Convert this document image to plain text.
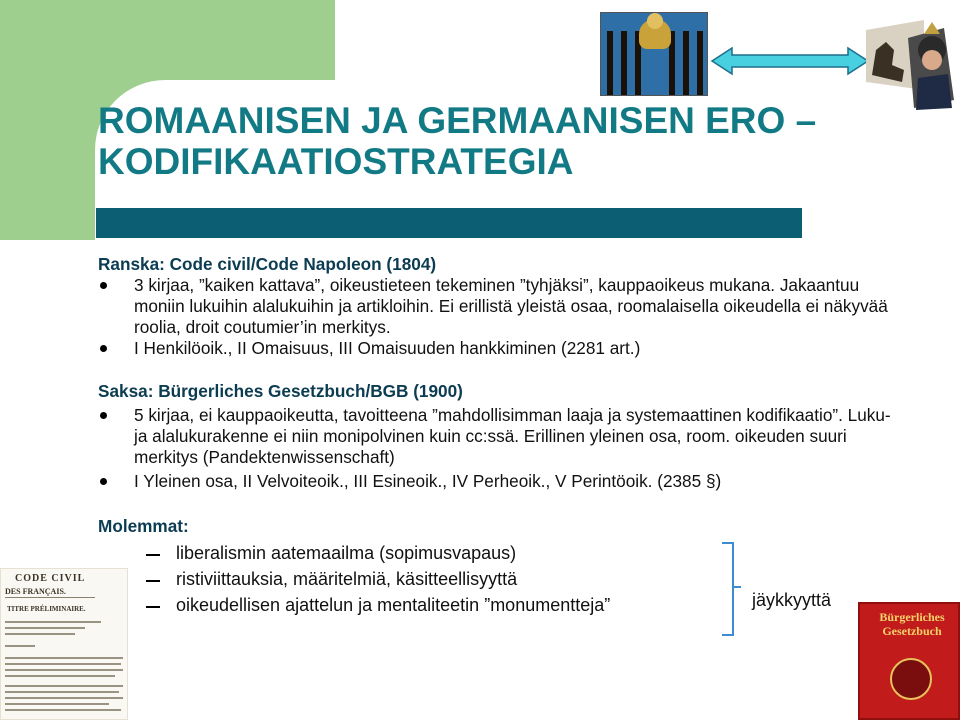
ROMAANISEN JA GERMAANISEN ERO –
KODIFIKAATIOSTRATEGIA
Ranska: Code civil/Code Napoleon (1804)
3 kirjaa, ”kaiken kattava”, oikeustieteen tekeminen ”tyhjäksi”, kauppaoikeus mukana. Jakaantuu moniin lukuihin alalukuihin ja artikloihin. Ei erillistä yleistä osaa, roomalaisella oikeudella ei näkyvää roolia, droit coutumier’in merkitys.
I Henkilöoik., II Omaisuus, III Omaisuuden hankkiminen (2281 art.)
Saksa: Bürgerliches Gesetzbuch/BGB (1900)
5 kirjaa, ei kauppaoikeutta, tavoitteena ”mahdollisimman laaja ja systemaattinen kodifikaatio”. Luku- ja alalukurakenne ei niin monipolvinen kuin cc:ssä. Erillinen yleinen osa, room. oikeuden suuri merkitys (Pandektenwissenschaft)
I Yleinen osa, II Velvoiteoik., III Esineoik., IV Perheoik., V Perintöoik. (2385 §)
Molemmat:
liberalismin aatemaailma (sopimusvapaus)
ristiviittauksia, määritelmiä, käsitteellisyyttä
oikeudellisen ajattelun ja mentaliteetin ”monumentteja”	jäykkyyttä
CODE CIVIL
DES FRANÇAIS.
TITRE PRÉLIMINAIRE.
Bürgerliches Gesetzbuch
